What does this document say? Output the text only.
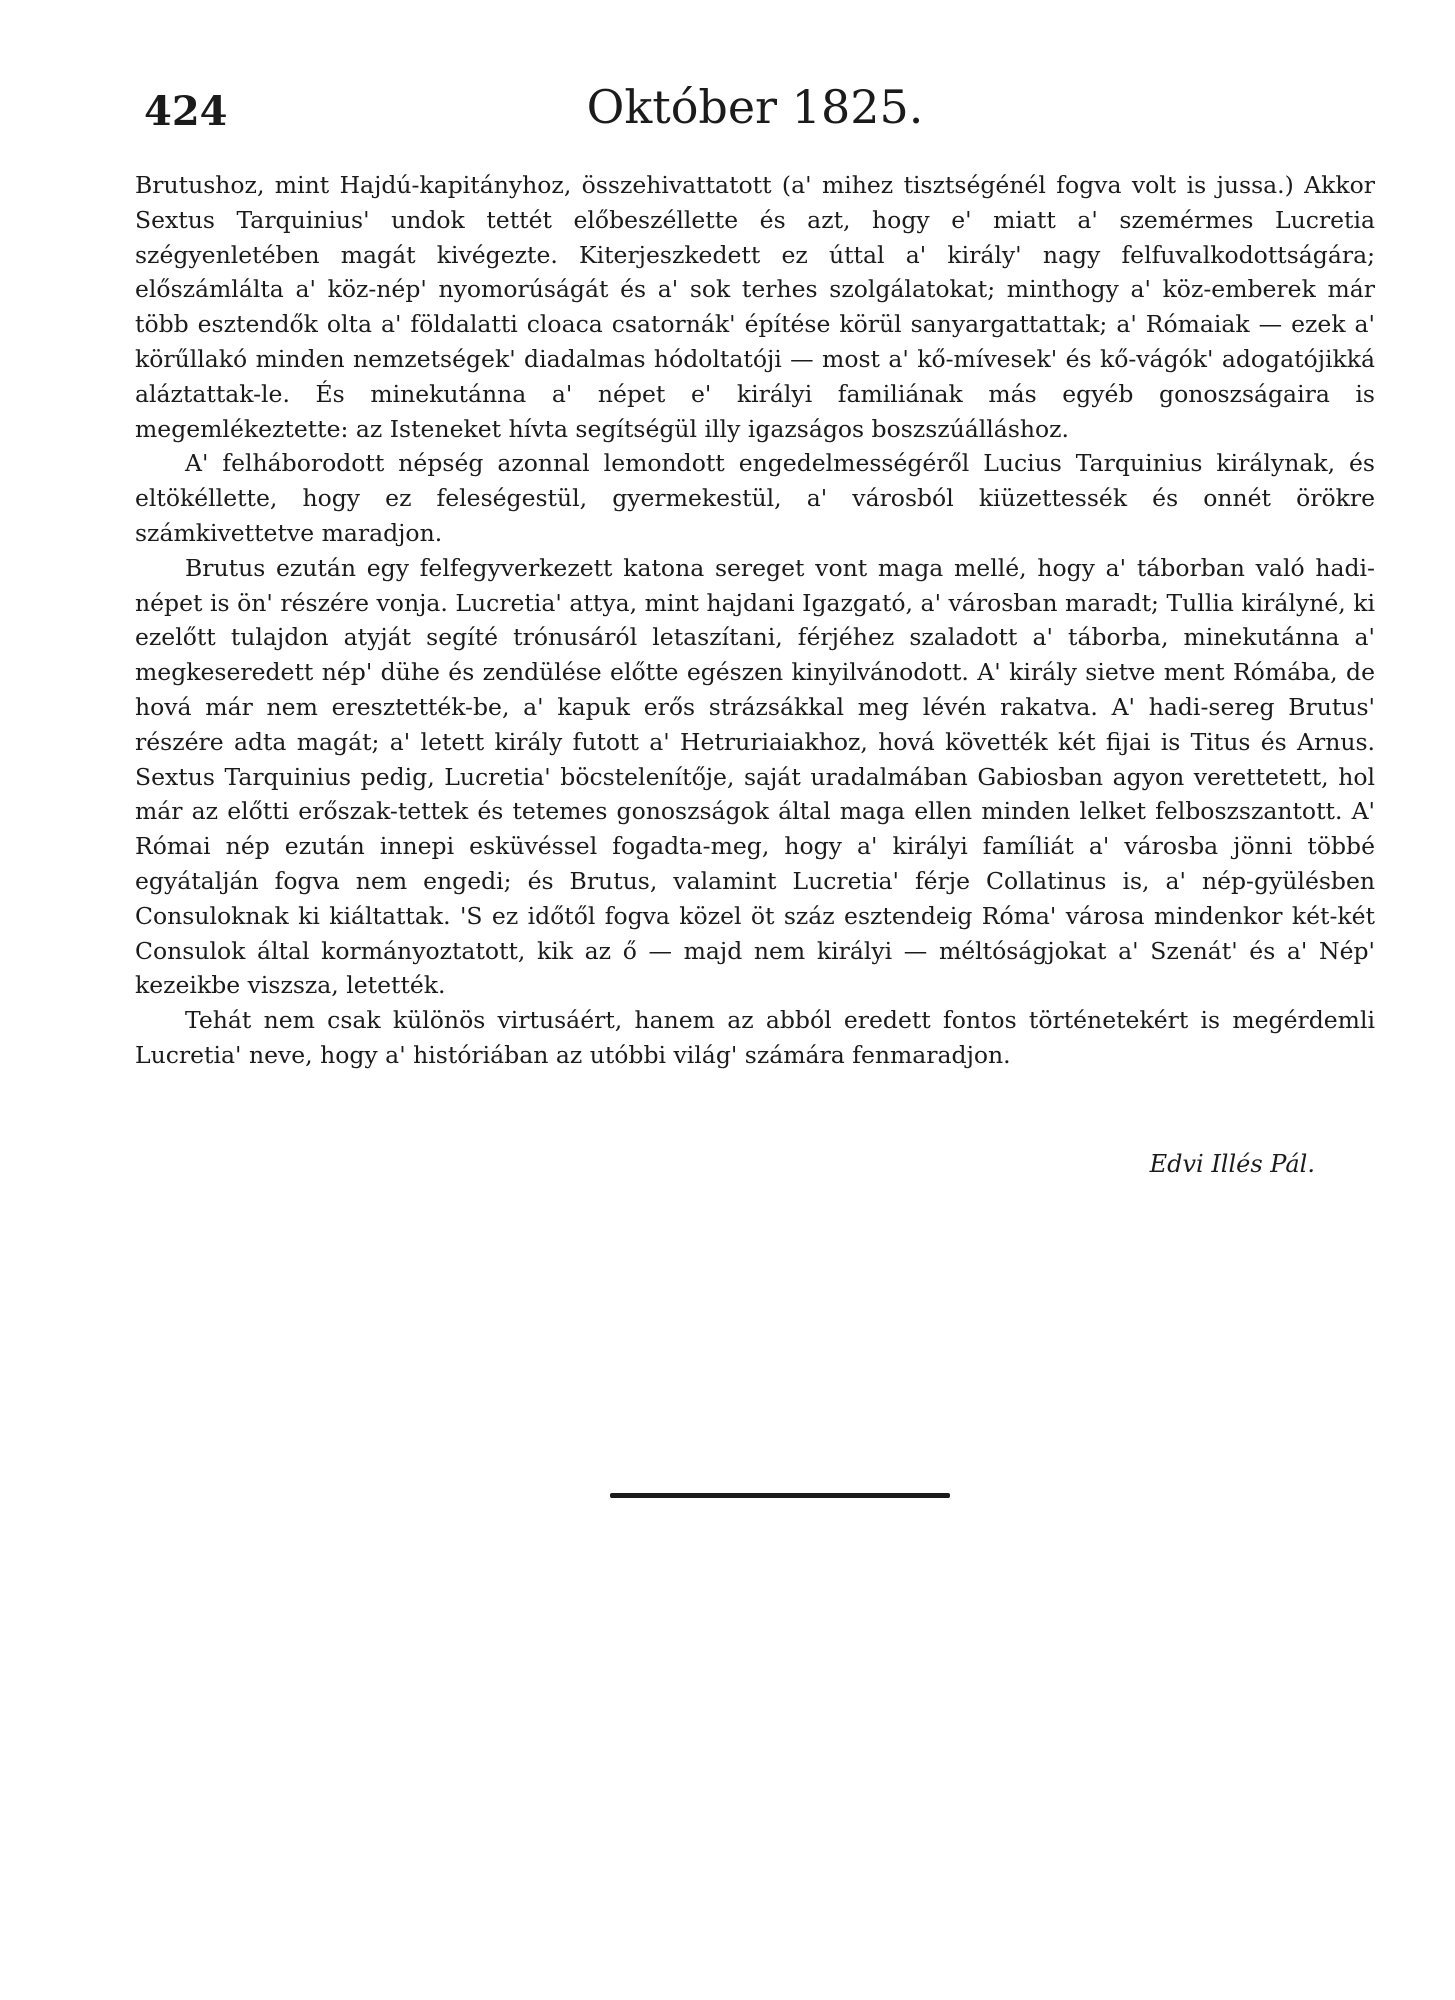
424	Október 1825.

Brutushoz, mint Hajdú-kapitányhoz, összehivattatott (a' mihez tisztségénél fogva volt is jussa.) Akkor Sextus Tarquinius' undok tettét előbeszéllette és azt, hogy e' miatt a' szemérmes Lucretia szégyenletében magát kivégezte. Kiterjeszkedett ez úttal a' király' nagy felfuvalkodottságára; előszámlálta a' köz-nép' nyomorúságát és a' sok terhes szolgálatokat; minthogy a' köz-emberek már több esztendők olta a' földalatti cloaca csatornák' építése körül sanyargattattak; a' Rómaiak — ezek a' körűllakó minden nemzetségek' diadalmas hódoltatóji — most a' kő-mívesek' és kő-vágók' adogatójikká aláztattak-le. És minekutánna a' népet e' királyi familiának más egyéb gonoszságaira is megemlékeztette: az Isteneket hívta segítségül illy igazságos boszszúálláshoz.

A' felháborodott népség azonnal lemondott engedelmességéről Lucius Tarquinius királynak, és eltökéllette, hogy ez feleségestül, gyermekestül, a' városból kiüzettessék és onnét örökre számkivettetve maradjon.

Brutus ezután egy felfegyverkezett katona sereget vont maga mellé, hogy a' táborban való hadi-népet is ön' részére vonja. Lucretia' attya, mint hajdani Igazgató, a' városban maradt; Tullia királyné, ki ezelőtt tulajdon atyját segíté trónusáról letaszítani, férjéhez szaladott a' táborba, minekutánna a' megkeseredett nép' dühe és zendülése előtte egészen kinyilvánodott. A' király sietve ment Rómába, de hová már nem eresztették-be, a' kapuk erős strázsákkal meg lévén rakatva. A' hadi-sereg Brutus' részére adta magát; a' letett király futott a' Hetruriaiakhoz, hová követték két fijai is Titus és Arnus. Sextus Tarquinius pedig, Lucretia' böcstelenítője, saját uradalmában Gabiosban agyon verettetett, hol már az előtti erőszak-tettek és tetemes gonoszságok által maga ellen minden lelket felboszszantott. A' Római nép ezután innepi esküvéssel fogadta-meg, hogy a' királyi famíliát a' városba jönni többé egyátalján fogva nem engedi; és Brutus, valamint Lucretia' férje Collatinus is, a' nép-gyülésben Consuloknak ki kiáltattak. 'S ez időtől fogva közel öt száz esztendeig Róma' városa mindenkor két-két Consulok által kormányoztatott, kik az ő — majd nem királyi — méltóságjokat a' Szenát' és a' Nép' kezeikbe viszsza, letették.

Tehát nem csak különös virtusáért, hanem az abból eredett fontos történetekért is megérdemli Lucretia' neve, hogy a' históriában az utóbbi világ' számára fenmaradjon.

Edvi Illés Pál.
